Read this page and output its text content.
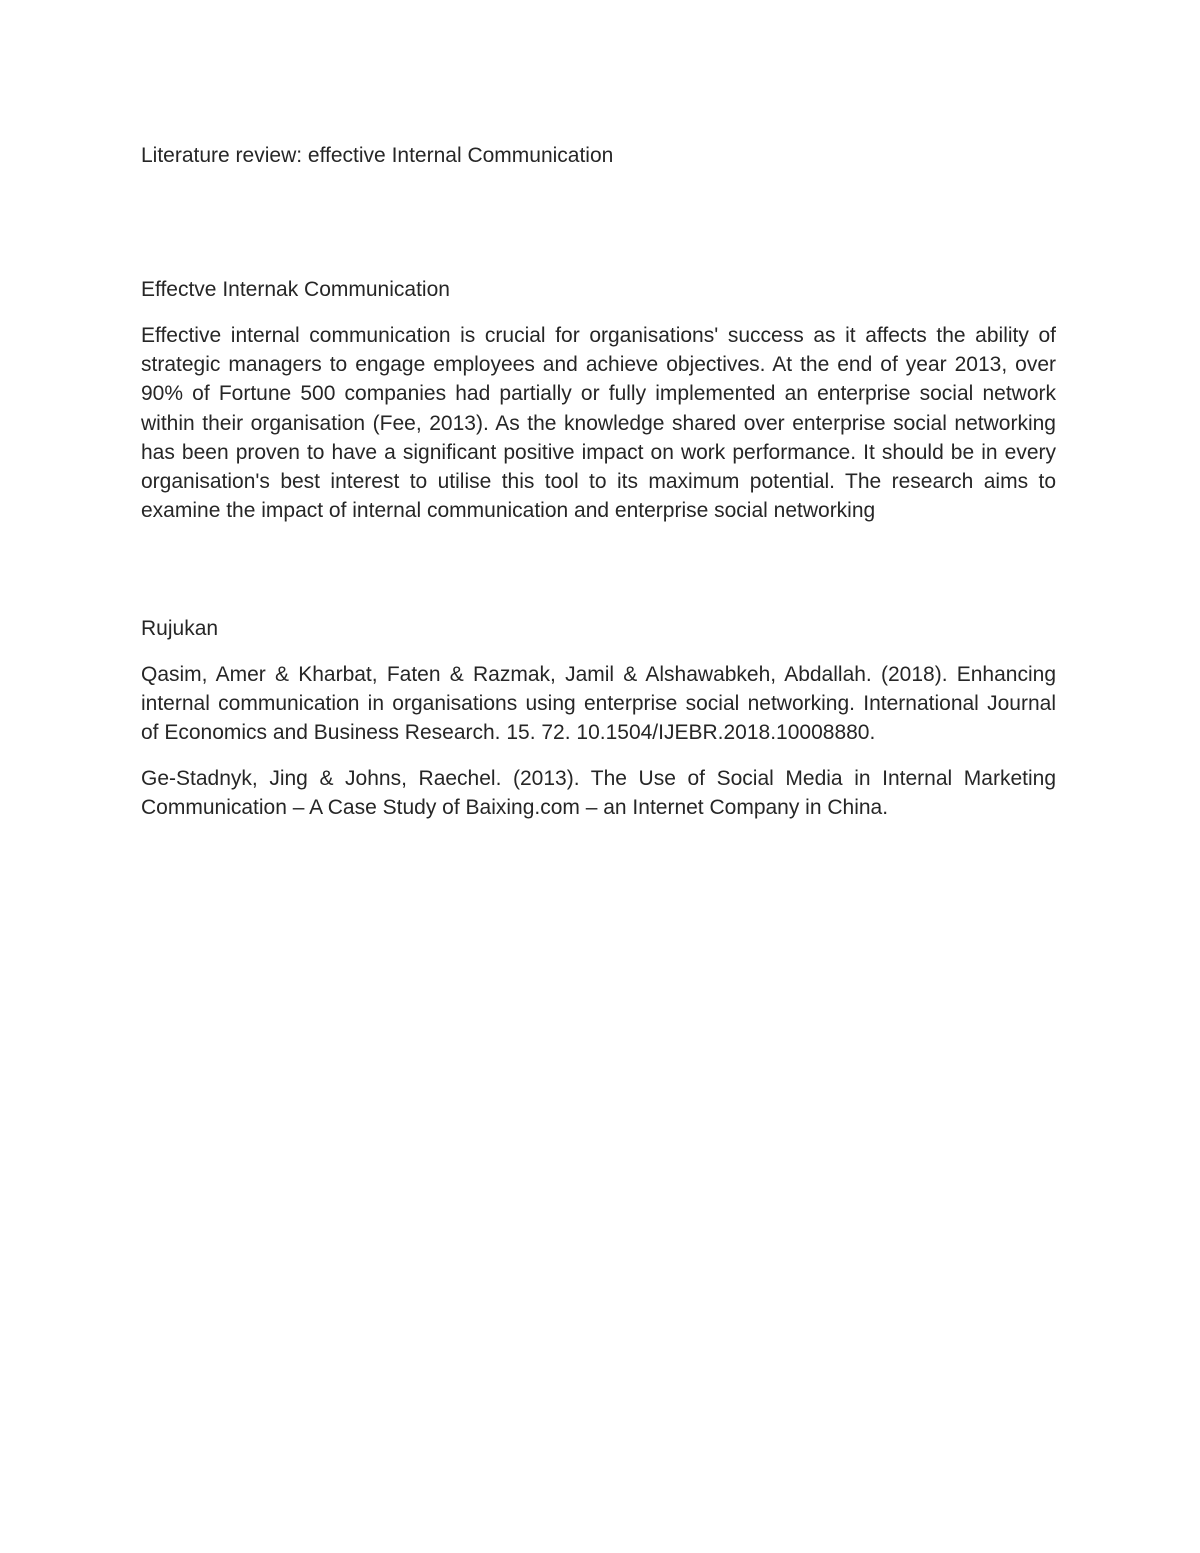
Literature review: effective Internal Communication
Effectve Internak Communication

Effective internal communication is crucial for organisations' success as it affects the ability of strategic managers to engage employees and achieve objectives. At the end of year 2013, over 90% of Fortune 500 companies had partially or fully implemented an enterprise social network within their organisation (Fee, 2013). As the knowledge shared over enterprise social networking has been proven to have a significant positive impact on work performance. It should be in every organisation's best interest to utilise this tool to its maximum potential. The research aims to examine the impact of internal communication and enterprise social networking

Rujukan

Qasim, Amer & Kharbat, Faten & Razmak, Jamil & Alshawabkeh, Abdallah. (2018). Enhancing internal communication in organisations using enterprise social networking. International Journal of Economics and Business Research. 15. 72. 10.1504/IJEBR.2018.10008880.

Ge-Stadnyk, Jing & Johns, Raechel. (2013). The Use of Social Media in Internal Marketing Communication – A Case Study of Baixing.com – an Internet Company in China.
